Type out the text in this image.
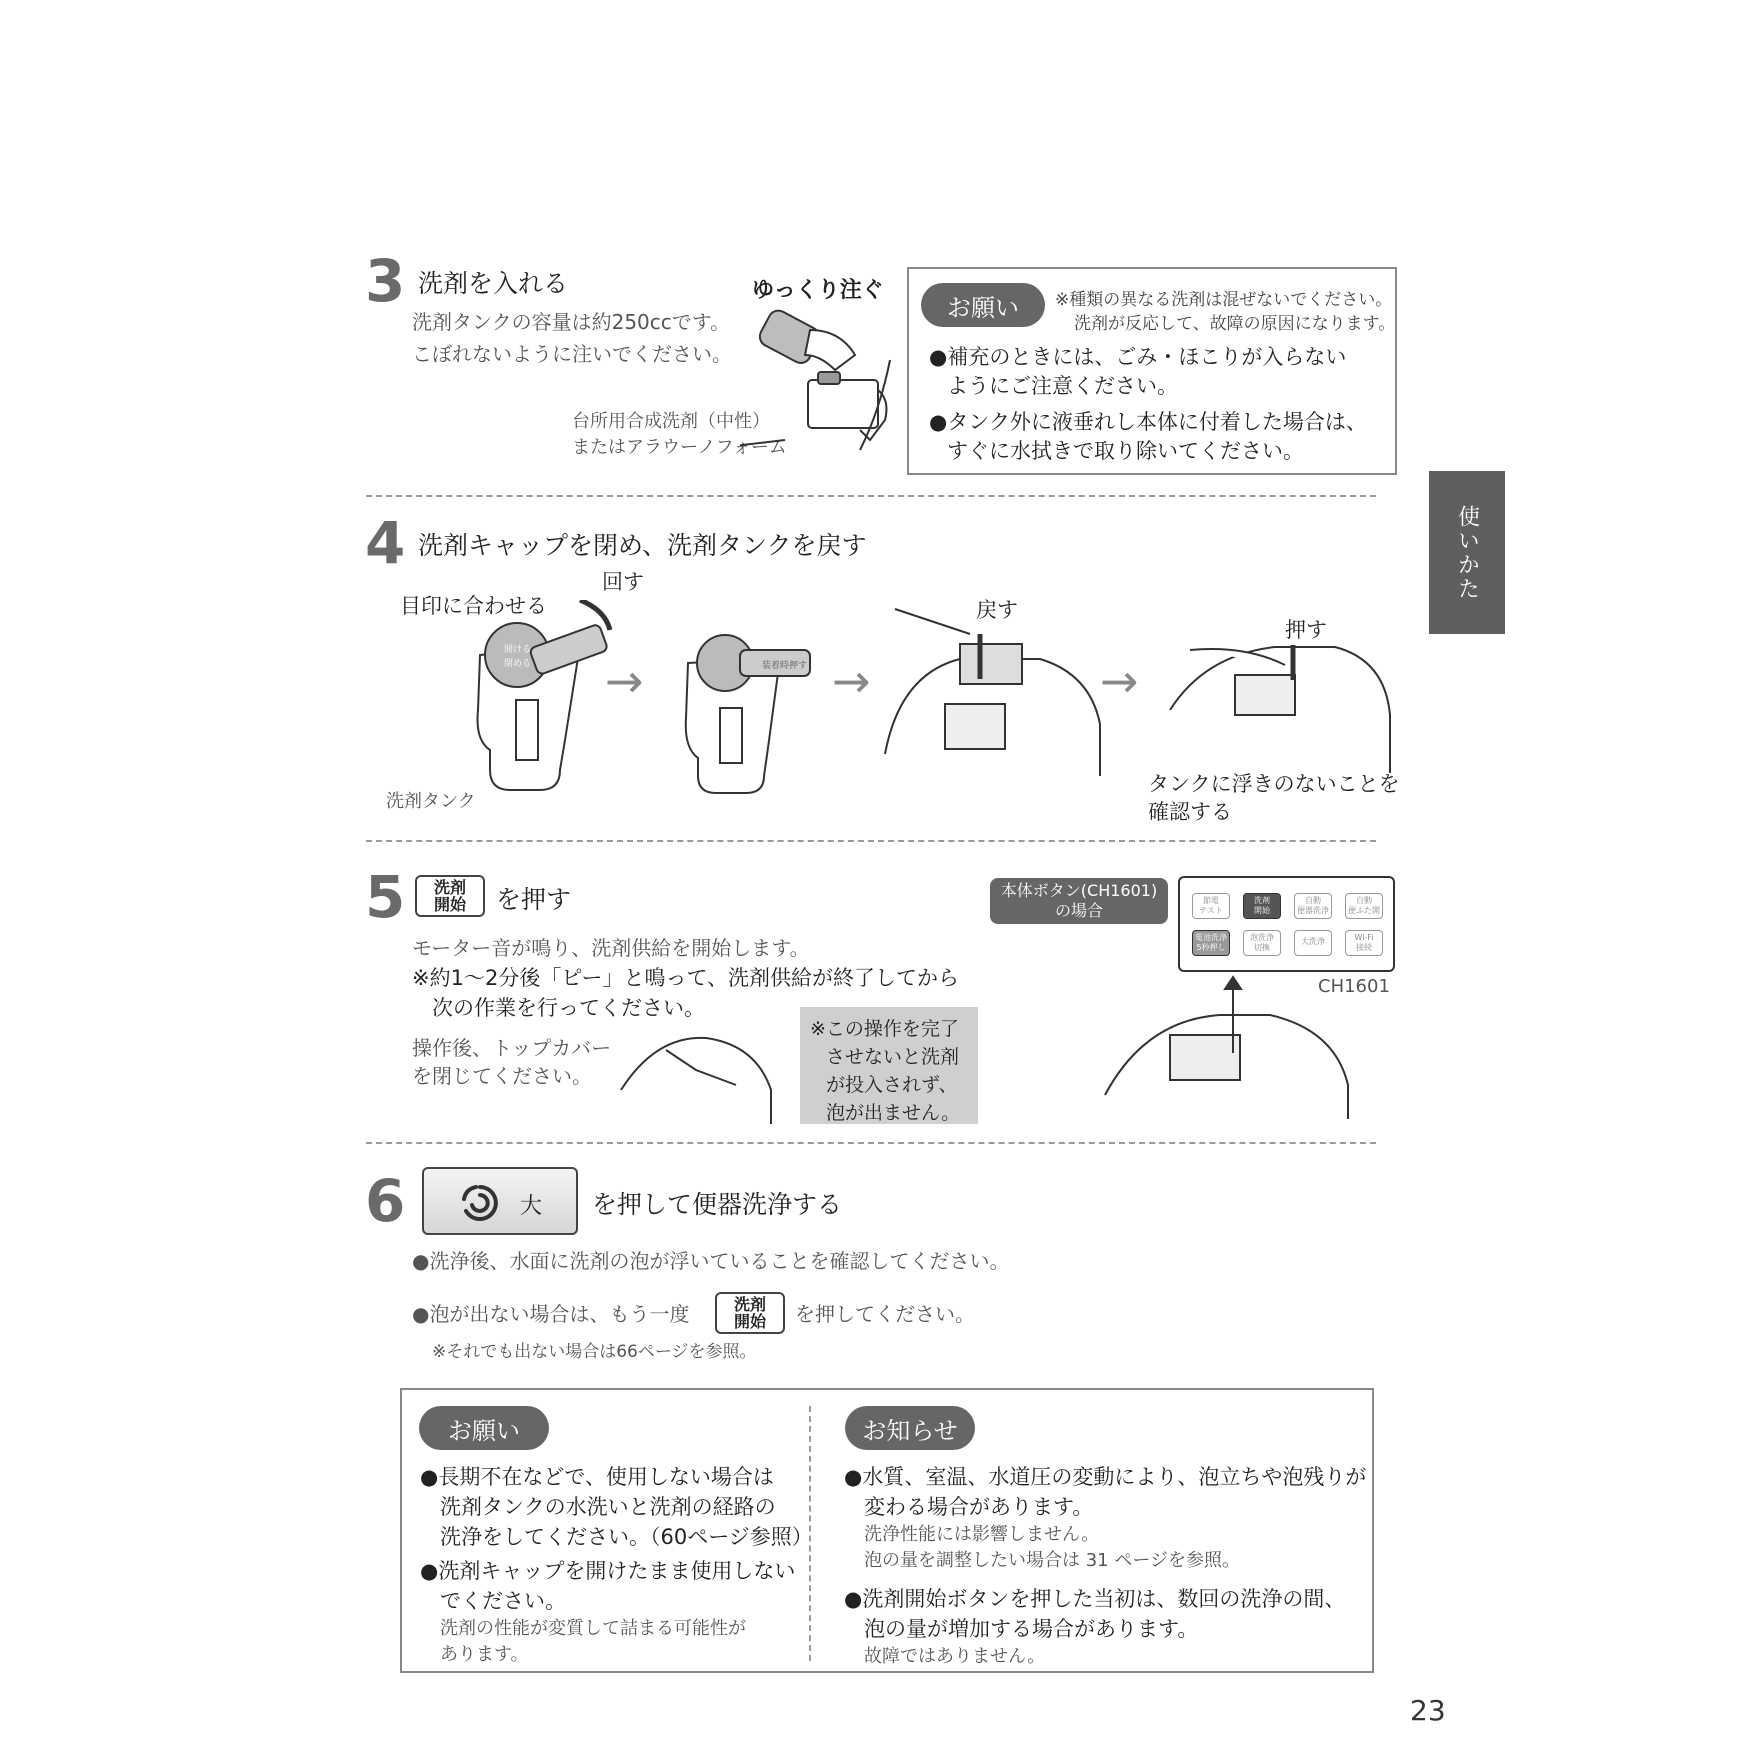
使いかた
3 洗剤を入れる
洗剤タンクの容量は約250ccです。
こぼれないように注いでください。
ゆっくり注ぐ
台所用合成洗剤（中性）
またはアラウーノフォーム
お願い	※種類の異なる洗剤は混ぜないでください。
洗剤が反応して、故障の原因になります。
●補充のときには、ごみ・ほこりが入らない
ようにご注意ください。
●タンク外に液垂れし本体に付着した場合は、
すぐに水拭きで取り除いてください。
4 洗剤キャップを閉め、洗剤タンクを戻す
目印に合わせる
回す
洗剤タンク
戻す
押す
タンクに浮きのないことを
確認する
開ける
閉める →	装着時押す →	→
5	洗剤
開始	を押す
モーター音が鳴り、洗剤供給を開始します。
※約1～2分後「ピー」と鳴って、洗剤供給が終了してから
次の作業を行ってください。
操作後、トップカバー
を閉じてください。
※この操作を完了
させないと洗剤
が投入されず、
泡が出ません。
本体ボタン(CH1601)
の場合
節電
テスト
洗剤
開始
自動
便器洗浄
自動
便ふた開
電池洗浄
5秒押し
泡洗浄
切換
大洗浄	Wi-Fi
接続
CH1601
6	大 を押して便器洗浄する
●洗浄後、水面に洗剤の泡が浮いていることを確認してください。
●泡が出ない場合は、もう一度	洗剤
開始	を押してください。
※それでも出ない場合は66ページを参照。
お願い	お知らせ
●長期不在などで、使用しない場合は
洗剤タンクの水洗いと洗剤の経路の
洗浄をしてください。（60ページ参照）
●洗剤キャップを開けたまま使用しない
でください。
洗剤の性能が変質して詰まる可能性が
あります。
●水質、室温、水道圧の変動により、泡立ちや泡残りが
変わる場合があります。
洗浄性能には影響しません。
泡の量を調整したい場合は 31 ページを参照。
●洗剤開始ボタンを押した当初は、数回の洗浄の間、
泡の量が増加する場合があります。
故障ではありません。
23
